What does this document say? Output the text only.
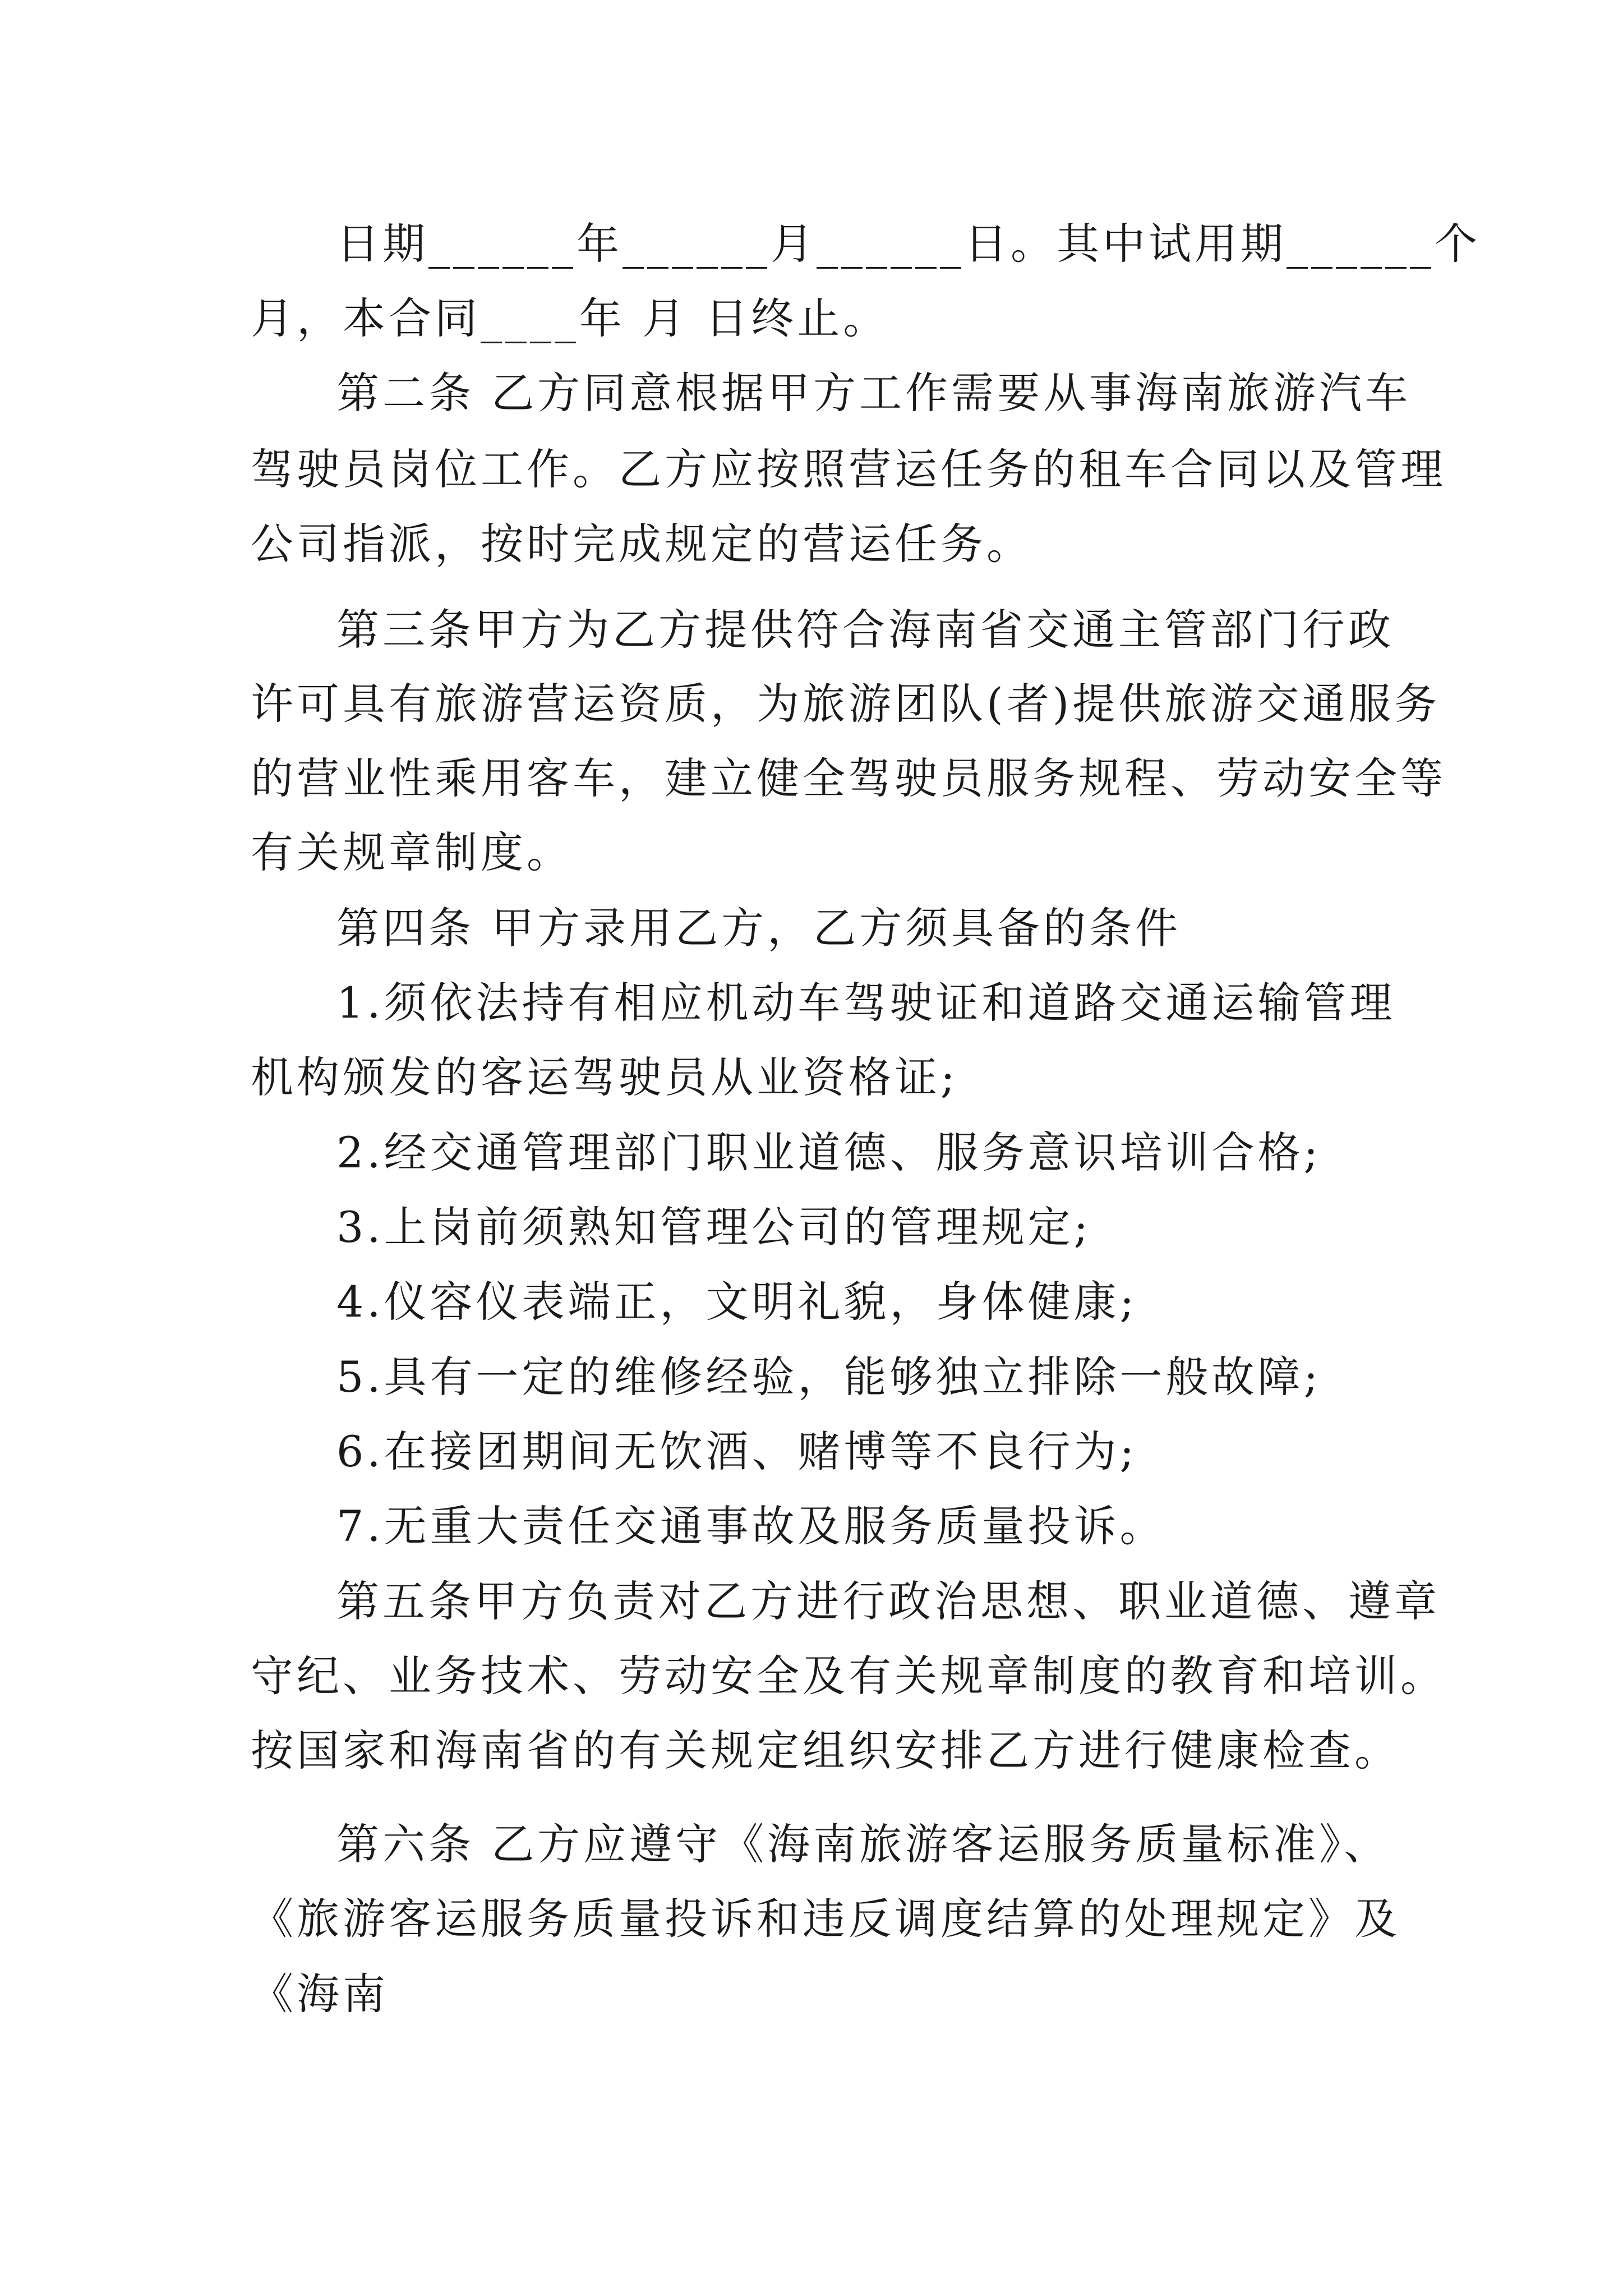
日期______年______月______日。其中试用期______个
月，本合同____年 月 日终止。
第二条 乙方同意根据甲方工作需要从事海南旅游汽车
驾驶员岗位工作。乙方应按照营运任务的租车合同以及管理
公司指派，按时完成规定的营运任务。
第三条甲方为乙方提供符合海南省交通主管部门行政
许可具有旅游营运资质，为旅游团队(者)提供旅游交通服务
的营业性乘用客车，建立健全驾驶员服务规程、劳动安全等
有关规章制度。
第四条 甲方录用乙方，乙方须具备的条件
1.须依法持有相应机动车驾驶证和道路交通运输管理
机构颁发的客运驾驶员从业资格证;
2.经交通管理部门职业道德、服务意识培训合格;
3.上岗前须熟知管理公司的管理规定;
4.仪容仪表端正，文明礼貌，身体健康;
5.具有一定的维修经验，能够独立排除一般故障;
6.在接团期间无饮酒、赌博等不良行为;
7.无重大责任交通事故及服务质量投诉。
第五条甲方负责对乙方进行政治思想、职业道德、遵章
守纪、业务技术、劳动安全及有关规章制度的教育和培训。
按国家和海南省的有关规定组织安排乙方进行健康检查。
第六条 乙方应遵守《海南旅游客运服务质量标准》、
《旅游客运服务质量投诉和违反调度结算的处理规定》及
《海南
